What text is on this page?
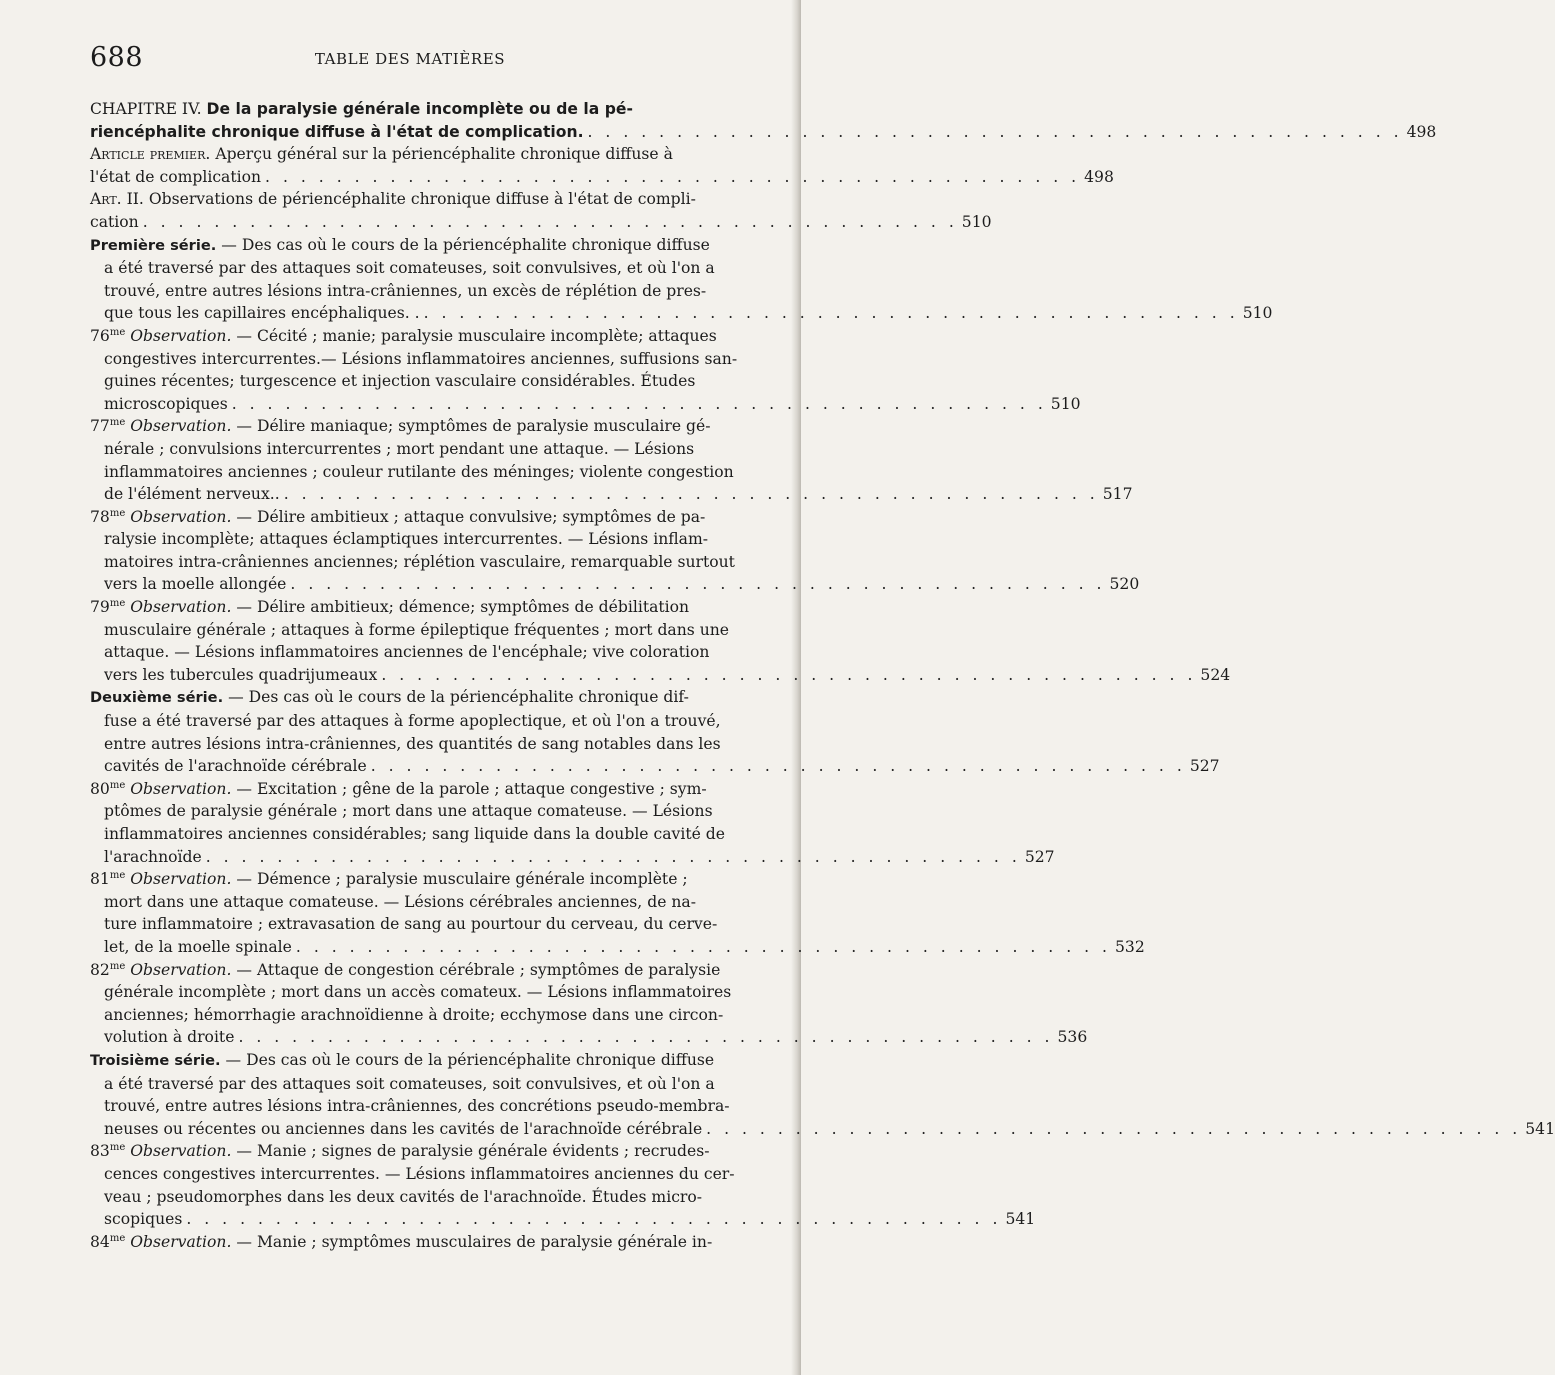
688	TABLE DES MATIÈRES
CHAPITRE IV. De la paralysie générale incomplète ou de la pé-
riencéphalite chronique diffuse à l'état de complication. . . . . . . . . . . . . . . . . . . . . . . . . . . . . . . . . . . . . . . . . . . . . . . 498
Article premier. Aperçu général sur la périencéphalite chronique diffuse à
l'état de complication . . . . . . . . . . . . . . . . . . . . . . . . . . . . . . . . . . . . . . . . . . . . . . 498
Art. II. Observations de périencéphalite chronique diffuse à l'état de compli-
cation . . . . . . . . . . . . . . . . . . . . . . . . . . . . . . . . . . . . . . . . . . . . . . 510
Première série. — Des cas où le cours de la périencéphalite chronique diffuse
a été traversé par des attaques soit comateuses, soit convulsives, et où l'on a
trouvé, entre autres lésions intra-crâniennes, un excès de réplétion de pres-
que tous les capillaires encéphaliques. . . . . . . . . . . . . . . . . . . . . . . . . . . . . . . . . . . . . . . . . . . . . . . . 510
$76^{me}$ Observation. — Cécité ; manie; paralysie musculaire incomplète; attaques
congestives intercurrentes.— Lésions inflammatoires anciennes, suffusions san-
guines récentes; turgescence et injection vasculaire considérables. Études
microscopiques . . . . . . . . . . . . . . . . . . . . . . . . . . . . . . . . . . . . . . . . . . . . . . 510
$77^{me}$ Observation. — Délire maniaque; symptômes de paralysie musculaire gé-
nérale ; convulsions intercurrentes ; mort pendant une attaque. — Lésions
inflammatoires anciennes ; couleur rutilante des méninges; violente congestion
de l'élément nerveux.. . . . . . . . . . . . . . . . . . . . . . . . . . . . . . . . . . . . . . . . . . . . . . . 517
$78^{me}$ Observation. — Délire ambitieux ; attaque convulsive; symptômes de pa-
ralysie incomplète; attaques éclamptiques intercurrentes. — Lésions inflam-
matoires intra-crâniennes anciennes; réplétion vasculaire, remarquable surtout
vers la moelle allongée . . . . . . . . . . . . . . . . . . . . . . . . . . . . . . . . . . . . . . . . . . . . . . 520
$79^{me}$ Observation. — Délire ambitieux; démence; symptômes de débilitation
musculaire générale ; attaques à forme épileptique fréquentes ; mort dans une
attaque. — Lésions inflammatoires anciennes de l'encéphale; vive coloration
vers les tubercules quadrijumeaux . . . . . . . . . . . . . . . . . . . . . . . . . . . . . . . . . . . . . . . . . . . . . . 524
Deuxième série. — Des cas où le cours de la périencéphalite chronique dif-
fuse a été traversé par des attaques à forme apoplectique, et où l'on a trouvé,
entre autres lésions intra-crâniennes, des quantités de sang notables dans les
cavités de l'arachnoïde cérébrale . . . . . . . . . . . . . . . . . . . . . . . . . . . . . . . . . . . . . . . . . . . . . . 527
$80^{me}$ Observation. — Excitation ; gêne de la parole ; attaque congestive ; sym-
ptômes de paralysie générale ; mort dans une attaque comateuse. — Lésions
inflammatoires anciennes considérables; sang liquide dans la double cavité de
l'arachnoïde . . . . . . . . . . . . . . . . . . . . . . . . . . . . . . . . . . . . . . . . . . . . . . 527
$81^{me}$ Observation. — Démence ; paralysie musculaire générale incomplète ;
mort dans une attaque comateuse. — Lésions cérébrales anciennes, de na-
ture inflammatoire ; extravasation de sang au pourtour du cerveau, du cerve-
let, de la moelle spinale . . . . . . . . . . . . . . . . . . . . . . . . . . . . . . . . . . . . . . . . . . . . . . 532
$82^{me}$ Observation. — Attaque de congestion cérébrale ; symptômes de paralysie
générale incomplète ; mort dans un accès comateux. — Lésions inflammatoires
anciennes; hémorrhagie arachnoïdienne à droite; ecchymose dans une circon-
volution à droite . . . . . . . . . . . . . . . . . . . . . . . . . . . . . . . . . . . . . . . . . . . . . . 536
Troisième série. — Des cas où le cours de la périencéphalite chronique diffuse
a été traversé par des attaques soit comateuses, soit convulsives, et où l'on a
trouvé, entre autres lésions intra-crâniennes, des concrétions pseudo-membra-
neuses ou récentes ou anciennes dans les cavités de l'arachnoïde cérébrale . . . . . . . . . . . . . . . . . . . . . . . . . . . . . . . . . . . . . . . . . . . . . . 541
$83^{me}$ Observation. — Manie ; signes de paralysie générale évidents ; recrudes-
cences congestives intercurrentes. — Lésions inflammatoires anciennes du cer-
veau ; pseudomorphes dans les deux cavités de l'arachnoïde. Études micro-
scopiques . . . . . . . . . . . . . . . . . . . . . . . . . . . . . . . . . . . . . . . . . . . . . . 541
$84^{me}$ Observation. — Manie ; symptômes musculaires de paralysie générale in-
